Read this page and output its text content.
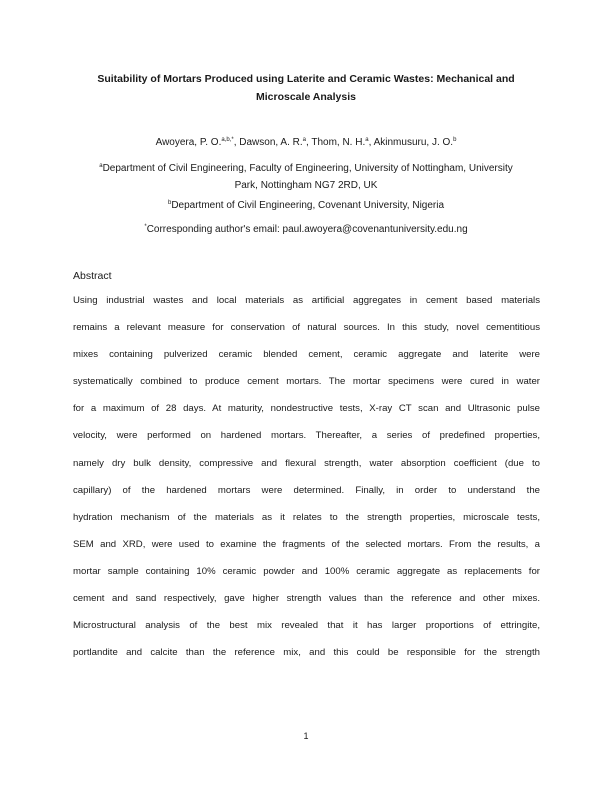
Suitability of Mortars Produced using Laterite and Ceramic Wastes: Mechanical and
Microscale Analysis
Awoyera, P. O.$^{a,b,*}$, Dawson, A. R.$^a$, Thom, N. H.$^a$, Akinmusuru, J. O.$^b$
$^a$Department of Civil Engineering, Faculty of Engineering, University of Nottingham, University
Park, Nottingham NG7 2RD, UK
$^b$Department of Civil Engineering, Covenant University, Nigeria
*Corresponding author's email: paul.awoyera@covenantuniversity.edu.ng
Abstract
Using industrial wastes and local materials as artificial aggregates in cement based materials
remains a relevant measure for conservation of natural sources. In this study, novel cementitious
mixes containing pulverized ceramic blended cement, ceramic aggregate and laterite were
systematically combined to produce cement mortars. The mortar specimens were cured in water
for a maximum of 28 days. At maturity, nondestructive tests, X-ray CT scan and Ultrasonic pulse
velocity, were performed on hardened mortars. Thereafter, a series of predefined properties,
namely dry bulk density, compressive and flexural strength, water absorption coefficient (due to
capillary) of the hardened mortars were determined. Finally, in order to understand the
hydration mechanism of the materials as it relates to the strength properties, microscale tests,
SEM and XRD, were used to examine the fragments of the selected mortars. From the results, a
mortar sample containing 10% ceramic powder and 100% ceramic aggregate as replacements for
cement and sand respectively, gave higher strength values than the reference and other mixes.
Microstructural analysis of the best mix revealed that it has larger proportions of ettringite,
portlandite and calcite than the reference mix, and this could be responsible for the strength
1
